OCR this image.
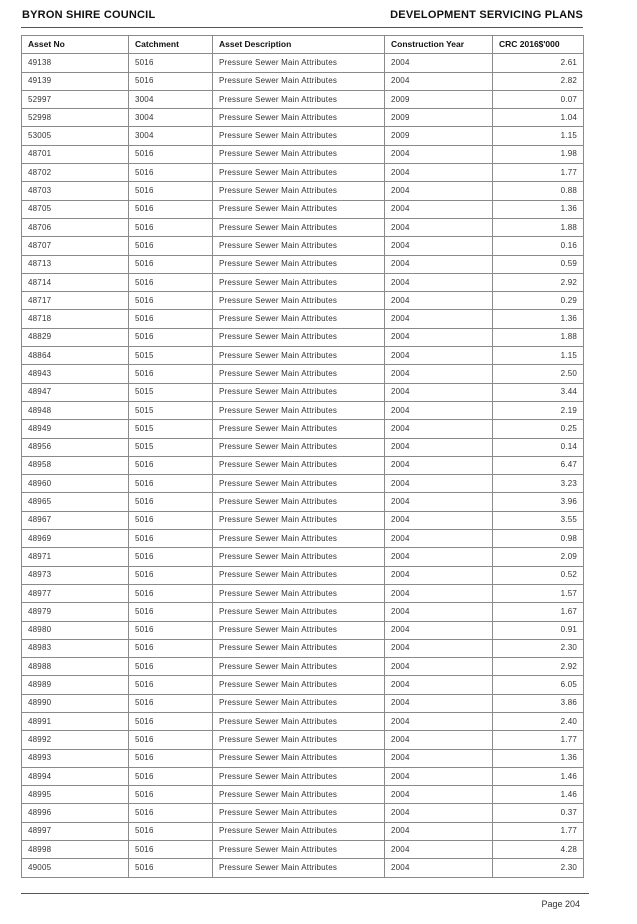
BYRON SHIRE COUNCIL	DEVELOPMENT SERVICING PLANS
Asset No	Catchment	Asset Description	Construction Year	CRC 2016$'000
49138	5016	Pressure Sewer Main Attributes	2004	2.61
49139	5016	Pressure Sewer Main Attributes	2004	2.82
52997	3004	Pressure Sewer Main Attributes	2009	0.07
52998	3004	Pressure Sewer Main Attributes	2009	1.04
53005	3004	Pressure Sewer Main Attributes	2009	1.15
48701	5016	Pressure Sewer Main Attributes	2004	1.98
48702	5016	Pressure Sewer Main Attributes	2004	1.77
48703	5016	Pressure Sewer Main Attributes	2004	0.88
48705	5016	Pressure Sewer Main Attributes	2004	1.36
48706	5016	Pressure Sewer Main Attributes	2004	1.88
48707	5016	Pressure Sewer Main Attributes	2004	0.16
48713	5016	Pressure Sewer Main Attributes	2004	0.59
48714	5016	Pressure Sewer Main Attributes	2004	2.92
48717	5016	Pressure Sewer Main Attributes	2004	0.29
48718	5016	Pressure Sewer Main Attributes	2004	1.36
48829	5016	Pressure Sewer Main Attributes	2004	1.88
48864	5015	Pressure Sewer Main Attributes	2004	1.15
48943	5016	Pressure Sewer Main Attributes	2004	2.50
48947	5015	Pressure Sewer Main Attributes	2004	3.44
48948	5015	Pressure Sewer Main Attributes	2004	2.19
48949	5015	Pressure Sewer Main Attributes	2004	0.25
48956	5015	Pressure Sewer Main Attributes	2004	0.14
48958	5016	Pressure Sewer Main Attributes	2004	6.47
48960	5016	Pressure Sewer Main Attributes	2004	3.23
48965	5016	Pressure Sewer Main Attributes	2004	3.96
48967	5016	Pressure Sewer Main Attributes	2004	3.55
48969	5016	Pressure Sewer Main Attributes	2004	0.98
48971	5016	Pressure Sewer Main Attributes	2004	2.09
48973	5016	Pressure Sewer Main Attributes	2004	0.52
48977	5016	Pressure Sewer Main Attributes	2004	1.57
48979	5016	Pressure Sewer Main Attributes	2004	1.67
48980	5016	Pressure Sewer Main Attributes	2004	0.91
48983	5016	Pressure Sewer Main Attributes	2004	2.30
48988	5016	Pressure Sewer Main Attributes	2004	2.92
48989	5016	Pressure Sewer Main Attributes	2004	6.05
48990	5016	Pressure Sewer Main Attributes	2004	3.86
48991	5016	Pressure Sewer Main Attributes	2004	2.40
48992	5016	Pressure Sewer Main Attributes	2004	1.77
48993	5016	Pressure Sewer Main Attributes	2004	1.36
48994	5016	Pressure Sewer Main Attributes	2004	1.46
48995	5016	Pressure Sewer Main Attributes	2004	1.46
48996	5016	Pressure Sewer Main Attributes	2004	0.37
48997	5016	Pressure Sewer Main Attributes	2004	1.77
48998	5016	Pressure Sewer Main Attributes	2004	4.28
49005	5016	Pressure Sewer Main Attributes	2004	2.30
Page 204
